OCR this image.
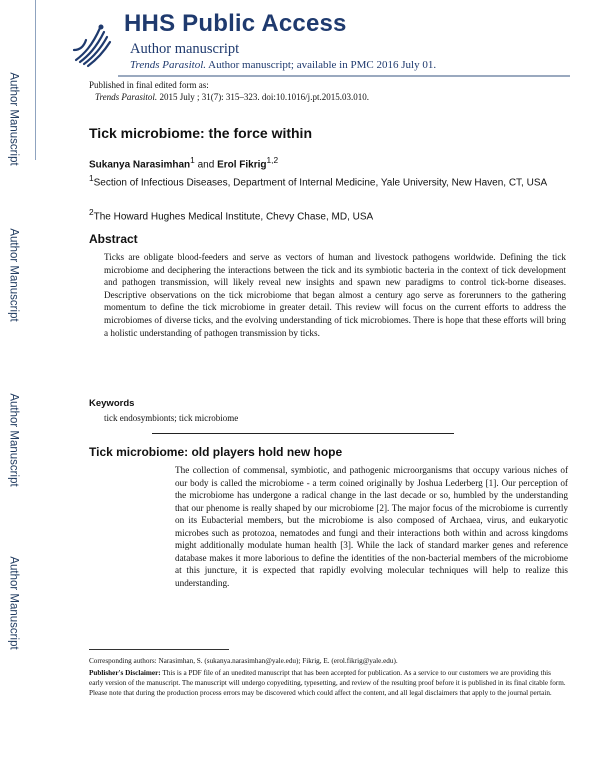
Author Manuscript
Author Manuscript
Author Manuscript
Author Manuscript
HHS Public Access
Author manuscript
Trends Parasitol. Author manuscript; available in PMC 2016 July 01.
Published in final edited form as:
Trends Parasitol. 2015 July ; 31(7): 315–323. doi:10.1016/j.pt.2015.03.010.
Tick microbiome: the force within
Sukanya Narasimhan$^1$ and Erol Fikrig$^{1,2}$
$^1$Section of Infectious Diseases, Department of Internal Medicine, Yale University, New Haven, CT, USA
$^2$The Howard Hughes Medical Institute, Chevy Chase, MD, USA
Abstract
Ticks are obligate blood-feeders and serve as vectors of human and livestock pathogens worldwide. Defining the tick microbiome and deciphering the interactions between the tick and its symbiotic bacteria in the context of tick development and pathogen transmission, will likely reveal new insights and spawn new paradigms to control tick-borne diseases. Descriptive observations on the tick microbiome that began almost a century ago serve as forerunners to the gathering momentum to define the tick microbiome in greater detail. This review will focus on the current efforts to address the microbiomes of diverse ticks, and the evolving understanding of tick microbiomes. There is hope that these efforts will bring a holistic understanding of pathogen transmission by ticks.
Keywords
tick endosymbionts; tick microbiome
Tick microbiome: old players hold new hope
The collection of commensal, symbiotic, and pathogenic microorganisms that occupy various niches of our body is called the microbiome - a term coined originally by Joshua Lederberg [1]. Our perception of the microbiome has undergone a radical change in the last decade or so, humbled by the understanding that our phenome is really shaped by our microbiome [2]. The major focus of the microbiome is currently on its Eubacterial members, but the microbiome is also composed of Archaea, virus, and eukaryotic microbes such as protozoa, nematodes and fungi and their interactions both within and across kingdoms might additionally modulate human health [3]. While the lack of standard marker genes and reference database makes it more laborious to define the identities of the non-bacterial members of the microbiome at this juncture, it is expected that rapidly evolving molecular techniques will help to realize this understanding.

Corresponding authors: Narasimhan, S. (sukanya.narasimhan@yale.edu); Fikrig, E. (erol.fikrig@yale.edu).

Publisher's Disclaimer: This is a PDF file of an unedited manuscript that has been accepted for publication. As a service to our customers we are providing this early version of the manuscript. The manuscript will undergo copyediting, typesetting, and review of the resulting proof before it is published in its final citable form. Please note that during the production process errors may be discovered which could affect the content, and all legal disclaimers that apply to the journal pertain.
